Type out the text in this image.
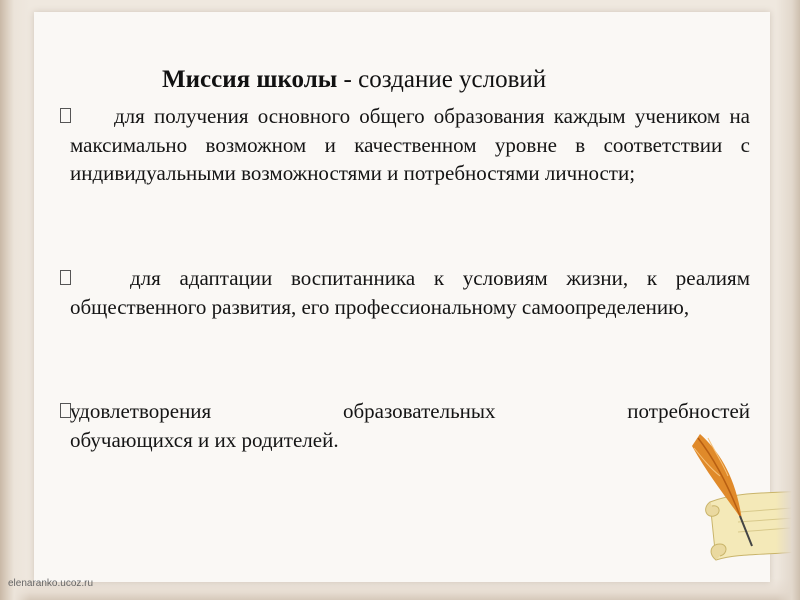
Миссия школы - создание условий

для получения основного общего образования каждым учеником на максимально возможном и качественном уровне в соответствии с индивидуальными возможностями и потребностями личности;

для адаптации воспитанника к условиям жизни, к реалиям общественного развития, его профессиональному самоопределению,

удовлетворения образовательных потребностей
обучающихся и их родителей.

elenaranko.ucoz.ru
